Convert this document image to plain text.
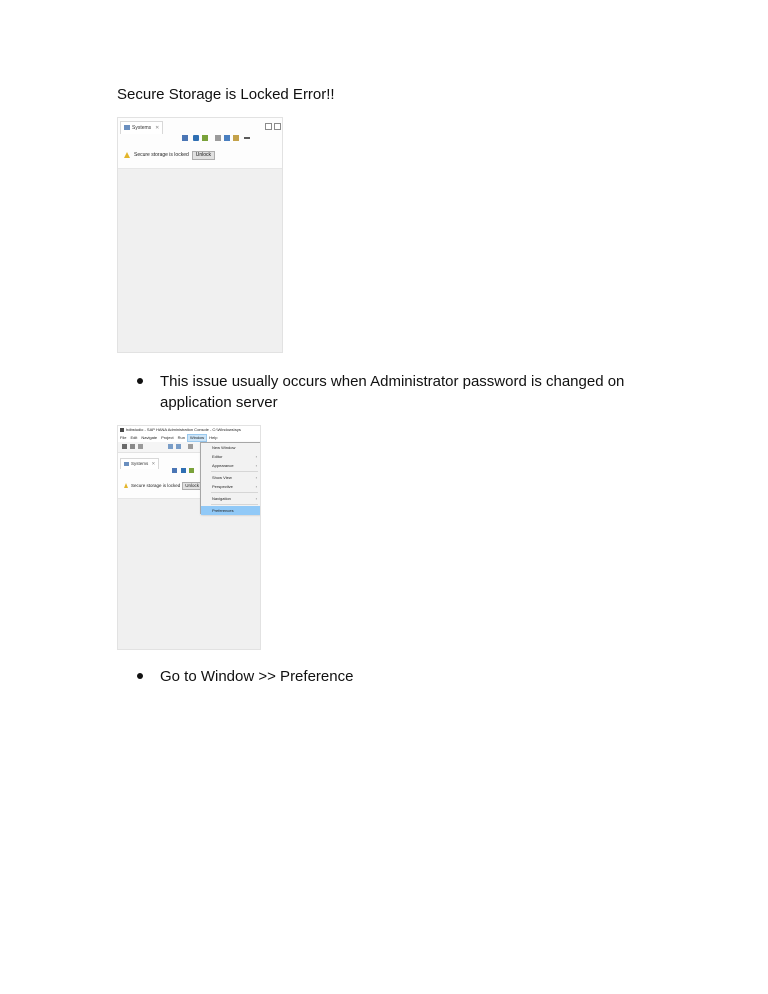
Secure Storage is Locked Error!!
Systems ✕
Secure storage is locked Unlock
This issue usually occurs when Administrator password is changed on application server
hdbstudio - SAP HANA Administration Console - C:\Windows\sys
File Edit Navigate Project Run Window Help
Systems ✕
Secure storage is locked Unlock
New Window
Editor	›
Appearance	›
Show View	›
Perspective	›
Navigation	›
Preferences
Go to Window >> Preference
